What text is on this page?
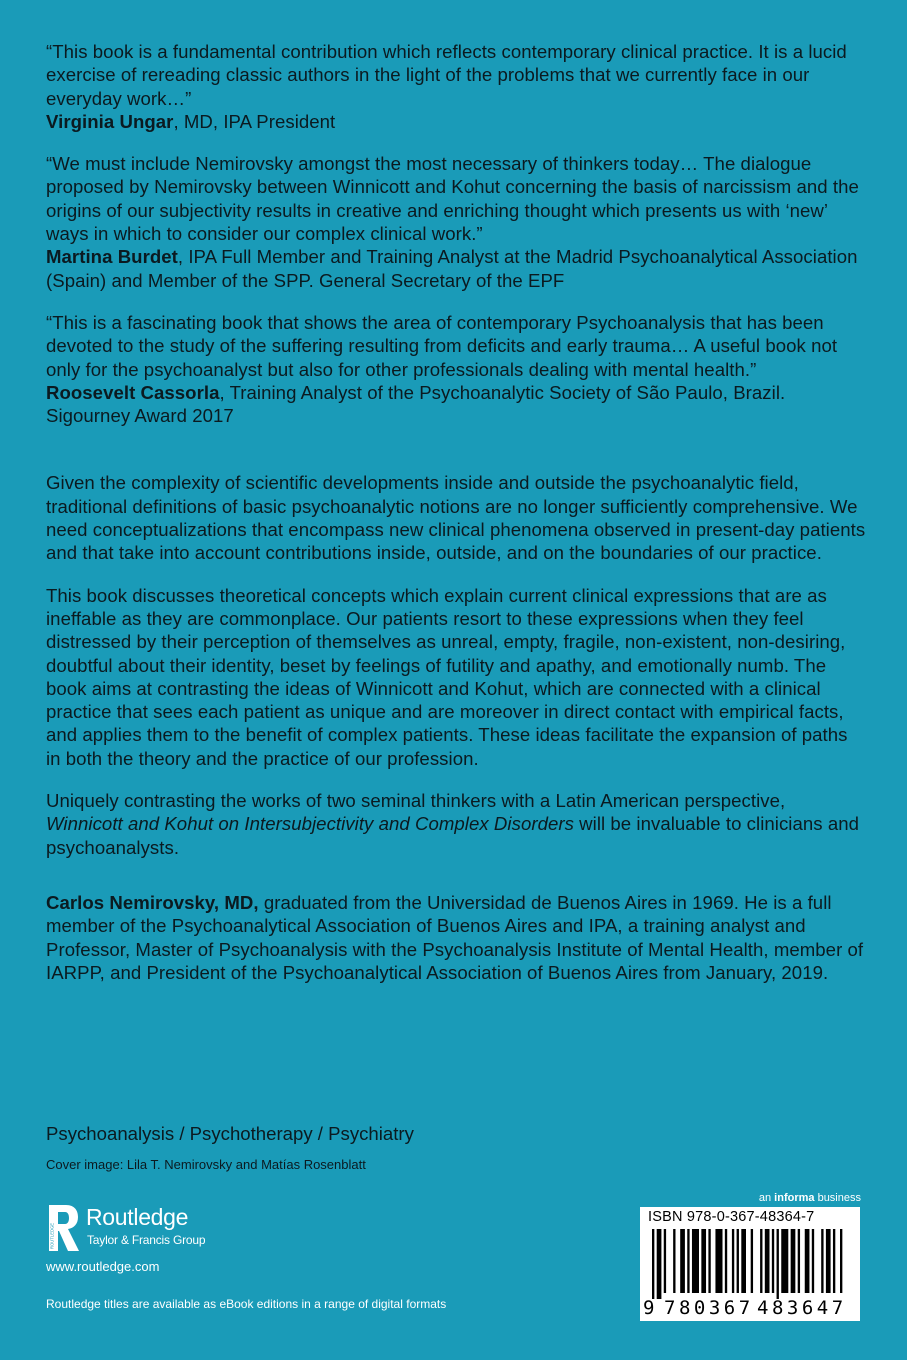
“This book is a fundamental contribution which reflects contemporary clinical practice. It is a lucid exercise of rereading classic authors in the light of the problems that we currently face in our everyday work…”
Virginia Ungar, MD, IPA President

“We must include Nemirovsky amongst the most necessary of thinkers today… The dialogue proposed by Nemirovsky between Winnicott and Kohut concerning the basis of narcissism and the origins of our subjectivity results in creative and enriching thought which presents us with ‘new’ ways in which to consider our complex clinical work.”
Martina Burdet, IPA Full Member and Training Analyst at the Madrid Psychoanalytical Association (Spain) and Member of the SPP. General Secretary of the EPF

“This is a fascinating book that shows the area of contemporary Psychoanalysis that has been devoted to the study of the suffering resulting from deficits and early trauma… A useful book not only for the psychoanalyst but also for other professionals dealing with mental health.”
Roosevelt Cassorla, Training Analyst of the Psychoanalytic Society of São Paulo, Brazil. Sigourney Award 2017

Given the complexity of scientific developments inside and outside the psychoanalytic field, traditional definitions of basic psychoanalytic notions are no longer sufficiently comprehensive. We need conceptualizations that encompass new clinical phenomena observed in present-day patients and that take into account contributions inside, outside, and on the boundaries of our practice.

This book discusses theoretical concepts which explain current clinical expressions that are as ineffable as they are commonplace. Our patients resort to these expressions when they feel distressed by their perception of themselves as unreal, empty, fragile, non-existent, non-desiring, doubtful about their identity, beset by feelings of futility and apathy, and emotionally numb. The book aims at contrasting the ideas of Winnicott and Kohut, which are connected with a clinical practice that sees each patient as unique and are moreover in direct contact with empirical facts, and applies them to the benefit of complex patients. These ideas facilitate the expansion of paths in both the theory and the practice of our profession.

Uniquely contrasting the works of two seminal thinkers with a Latin American perspective, Winnicott and Kohut on Intersubjectivity and Complex Disorders will be invaluable to clinicians and psychoanalysts.

Carlos Nemirovsky, MD, graduated from the Universidad de Buenos Aires in 1969. He is a full member of the Psychoanalytical Association of Buenos Aires and IPA, a training analyst and Professor, Master of Psychoanalysis with the Psychoanalysis Institute of Mental Health, member of IARPP, and President of the Psychoanalytical Association of Buenos Aires from January, 2019.

Psychoanalysis / Psychotherapy / Psychiatry
Cover image: Lila T. Nemirovsky and Matías Rosenblatt
ROUTLEDGE
Routledge
Taylor & Francis Group
www.routledge.com
Routledge titles are available as eBook editions in a range of digital formats
an informa business
ISBN 978-0-367-48364-7
9 780367 483647
